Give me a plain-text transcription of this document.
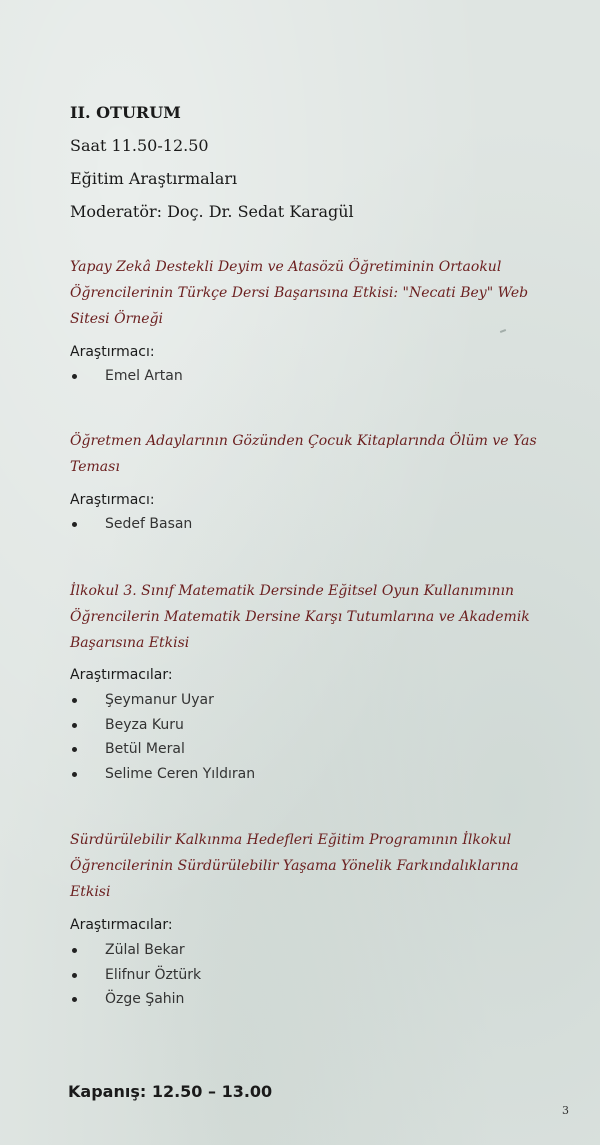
II. OTURUM
Saat 11.50-12.50
Eğitim Araştırmaları
Moderatör: Doç. Dr. Sedat Karagül
Yapay Zekâ Destekli Deyim ve Atasözü Öğretiminin Ortaokul Öğrencilerinin Türkçe Dersi Başarısına Etkisi: "Necati Bey" Web Sitesi Örneği
Araştırmacı:
Emel Artan
Öğretmen Adaylarının Gözünden Çocuk Kitaplarında Ölüm ve Yas Teması
Araştırmacı:
Sedef Basan
İlkokul 3. Sınıf Matematik Dersinde Eğitsel Oyun Kullanımının Öğrencilerin Matematik Dersine Karşı Tutumlarına ve Akademik Başarısına Etkisi
Araştırmacılar:
Şeymanur Uyar
Beyza Kuru
Betül Meral
Selime Ceren Yıldıran
Sürdürülebilir Kalkınma Hedefleri Eğitim Programının İlkokul Öğrencilerinin Sürdürülebilir Yaşama Yönelik Farkındalıklarına Etkisi
Araştırmacılar:
Zülal Bekar
Elifnur Öztürk
Özge Şahin
Kapanış: 12.50 – 13.00
3
